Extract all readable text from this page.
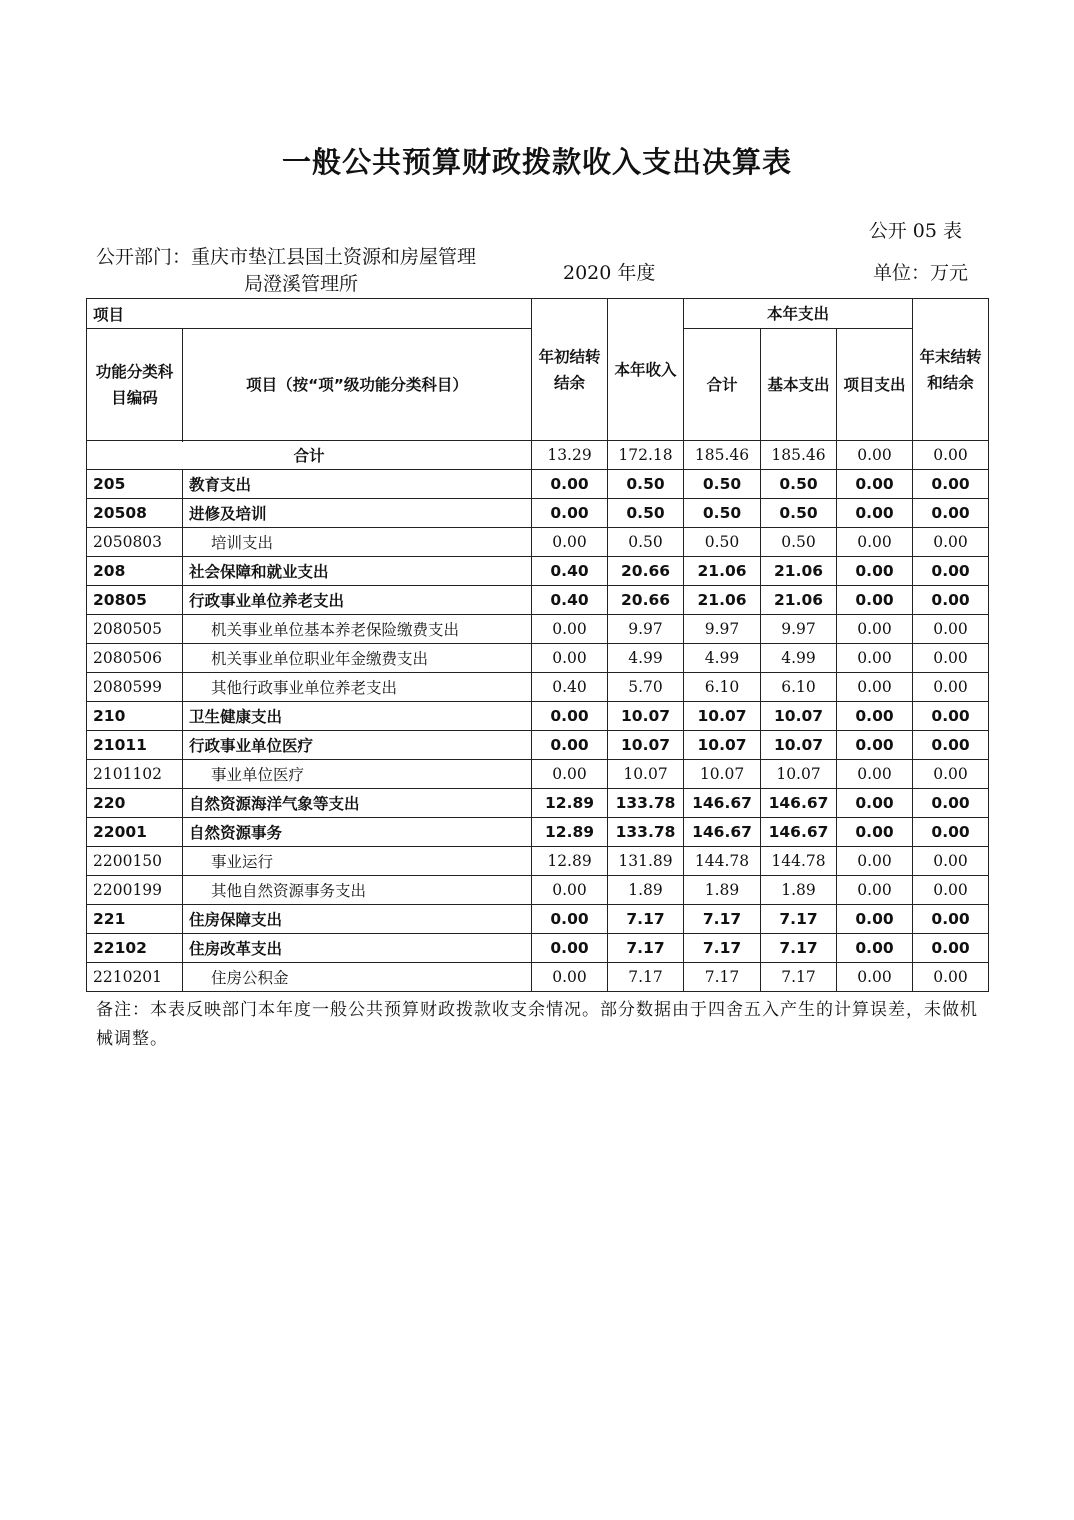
一般公共预算财政拨款收入支出决算表
公开 05 表
公开部门：重庆市垫江县国土资源和房屋管理
局澄溪管理所	2020 年度	单位：万元
项目		年初结转结余	本年收入	本年支出			年末结转和结余
功能分类科目编码	项目（按“项”级功能分类科目）			合计	基本支出	项目支出	

合计		13.29	172.18	185.46	185.46	0.00	0.00
205	教育支出	0.00	0.50	0.50	0.50	0.00	0.00
20508	进修及培训	0.00	0.50	0.50	0.50	0.00	0.00
2050803	培训支出	0.00	0.50	0.50	0.50	0.00	0.00
208	社会保障和就业支出	0.40	20.66	21.06	21.06	0.00	0.00
20805	行政事业单位养老支出	0.40	20.66	21.06	21.06	0.00	0.00
2080505	机关事业单位基本养老保险缴费支出	0.00	9.97	9.97	9.97	0.00	0.00
2080506	机关事业单位职业年金缴费支出	0.00	4.99	4.99	4.99	0.00	0.00
2080599	其他行政事业单位养老支出	0.40	5.70	6.10	6.10	0.00	0.00
210	卫生健康支出	0.00	10.07	10.07	10.07	0.00	0.00
21011	行政事业单位医疗	0.00	10.07	10.07	10.07	0.00	0.00
2101102	事业单位医疗	0.00	10.07	10.07	10.07	0.00	0.00
220	自然资源海洋气象等支出	12.89	133.78	146.67	146.67	0.00	0.00
22001	自然资源事务	12.89	133.78	146.67	146.67	0.00	0.00
2200150	事业运行	12.89	131.89	144.78	144.78	0.00	0.00
2200199	其他自然资源事务支出	0.00	1.89	1.89	1.89	0.00	0.00
221	住房保障支出	0.00	7.17	7.17	7.17	0.00	0.00
22102	住房改革支出	0.00	7.17	7.17	7.17	0.00	0.00
2210201	住房公积金	0.00	7.17	7.17	7.17	0.00	0.00
备注：本表反映部门本年度一般公共预算财政拨款收支余情况。部分数据由于四舍五入产生的计算误差，未做机械调整。
